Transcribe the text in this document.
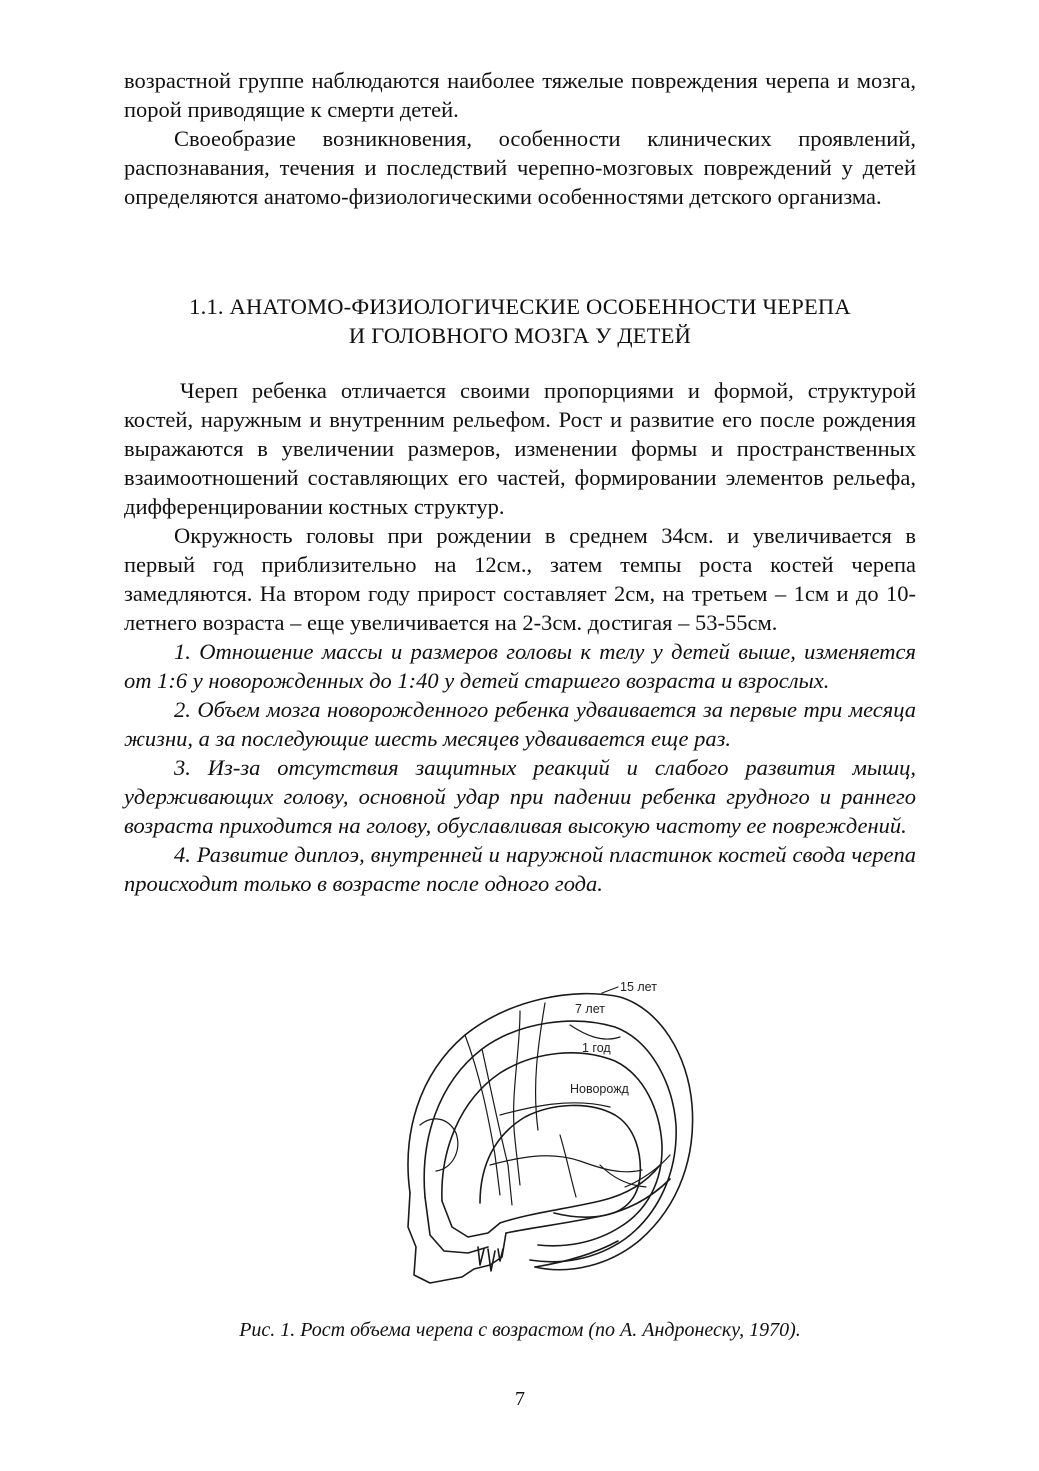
возрастной группе наблюдаются наиболее тяжелые повреждения черепа и мозга, порой приводящие к смерти детей.

Своеобразие возникновения, особенности клинических проявлений, распознавания, течения и последствий черепно-мозговых повреждений у детей определяются анатомо-физиологическими особенностями детского организма.

1.1. АНАТОМО-ФИЗИОЛОГИЧЕСКИЕ ОСОБЕННОСТИ ЧЕРЕПА
И ГОЛОВНОГО МОЗГА У ДЕТЕЙ

Череп ребенка отличается своими пропорциями и формой, структурой костей, наружным и внутренним рельефом. Рост и развитие его после рождения выражаются в увеличении размеров, изменении формы и пространственных взаимоотношений составляющих его частей, формировании элементов рельефа, дифференцировании костных структур.

Окружность головы при рождении в среднем 34см. и увеличивается в первый год приблизительно на 12см., затем темпы роста костей черепа замедляются. На втором году прирост составляет 2см, на третьем – 1см и до 10-летнего возраста – еще увеличивается на 2-3см. достигая – 53-55см.

1. Отношение массы и размеров головы к телу у детей выше, изменяется от 1:6 у новорожденных до 1:40 у детей старшего возраста и взрослых.

2. Объем мозга новорожденного ребенка удваивается за первые три месяца жизни, а за последующие шесть месяцев удваивается еще раз.

3. Из-за отсутствия защитных реакций и слабого развития мышц, удерживающих голову, основной удар при падении ребенка грудного и раннего возраста приходится на голову, обуславливая высокую частоту ее повреждений.

4. Развитие диплоэ, внутренней и наружной пластинок костей свода черепа происходит только в возрасте после одного года.

15 лет
7 лет
1 год
Новорожд
Рис. 1. Рост объема черепа с возрастом (по А. Андронеску, 1970).
7
